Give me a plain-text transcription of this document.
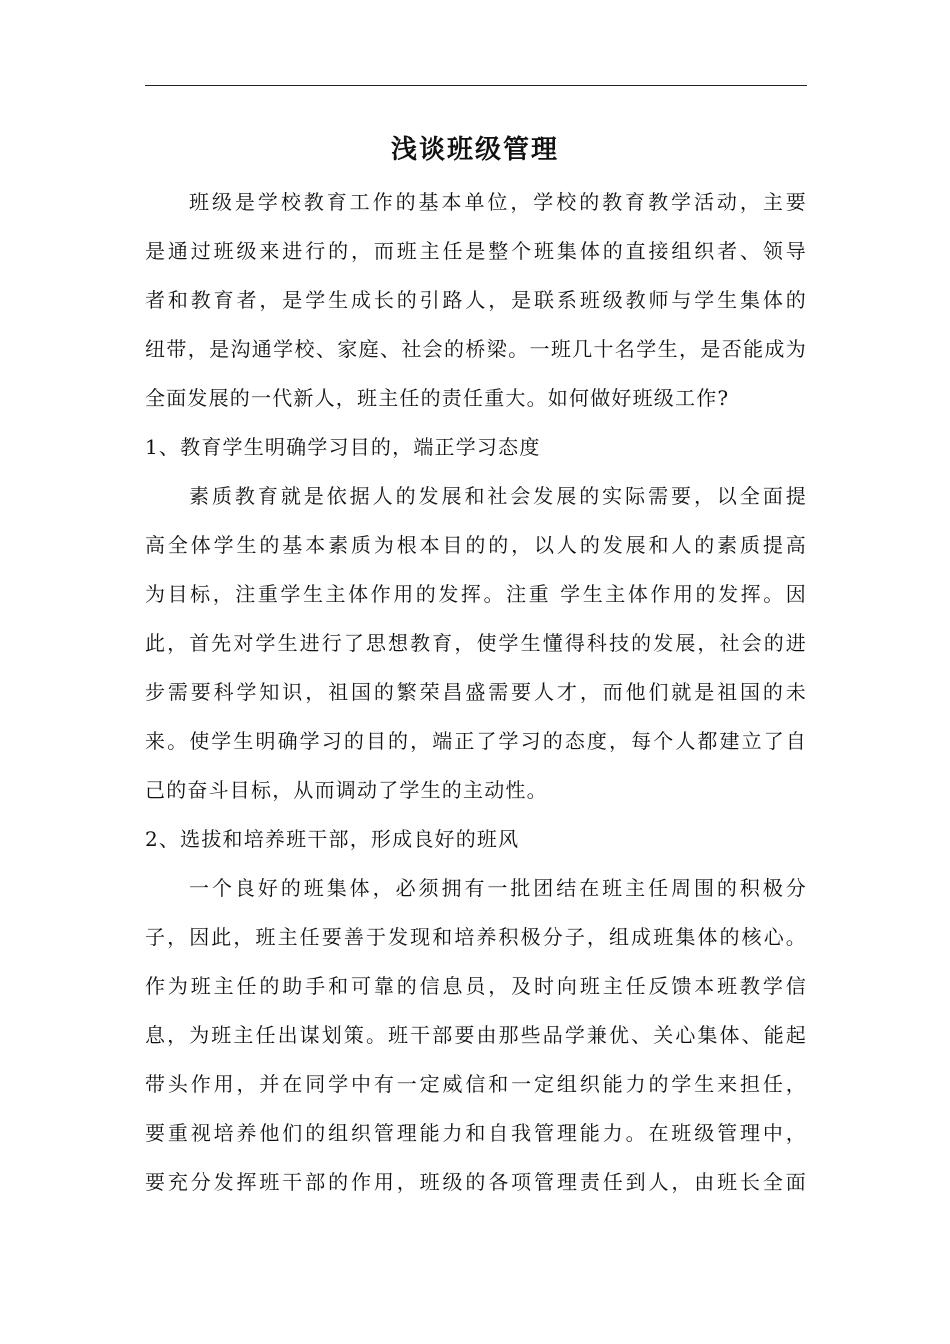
浅谈班级管理
班级是学校教育工作的基本单位，学校的教育教学活动，主要
是通过班级来进行的，而班主任是整个班集体的直接组织者、领导
者和教育者，是学生成长的引路人，是联系班级教师与学生集体的
纽带，是沟通学校、家庭、社会的桥梁。一班几十名学生，是否能成为
全面发展的一代新人，班主任的责任重大。如何做好班级工作?
1、教育学生明确学习目的，端正学习态度
素质教育就是依据人的发展和社会发展的实际需要，以全面提
高全体学生的基本素质为根本目的的，以人的发展和人的素质提高
为目标，注重学生主体作用的发挥。注重 学生主体作用的发挥。因
此，首先对学生进行了思想教育，使学生懂得科技的发展，社会的进
步需要科学知识，祖国的繁荣昌盛需要人才，而他们就是祖国的未
来。使学生明确学习的目的，端正了学习的态度，每个人都建立了自
己的奋斗目标，从而调动了学生的主动性。
2、选拔和培养班干部，形成良好的班风
一个良好的班集体，必须拥有一批团结在班主任周围的积极分
子，因此，班主任要善于发现和培养积极分子，组成班集体的核心。
作为班主任的助手和可靠的信息员，及时向班主任反馈本班教学信
息，为班主任出谋划策。班干部要由那些品学兼优、关心集体、能起
带头作用，并在同学中有一定威信和一定组织能力的学生来担任，
要重视培养他们的组织管理能力和自我管理能力。在班级管理中，
要充分发挥班干部的作用，班级的各项管理责任到人，由班长全面
